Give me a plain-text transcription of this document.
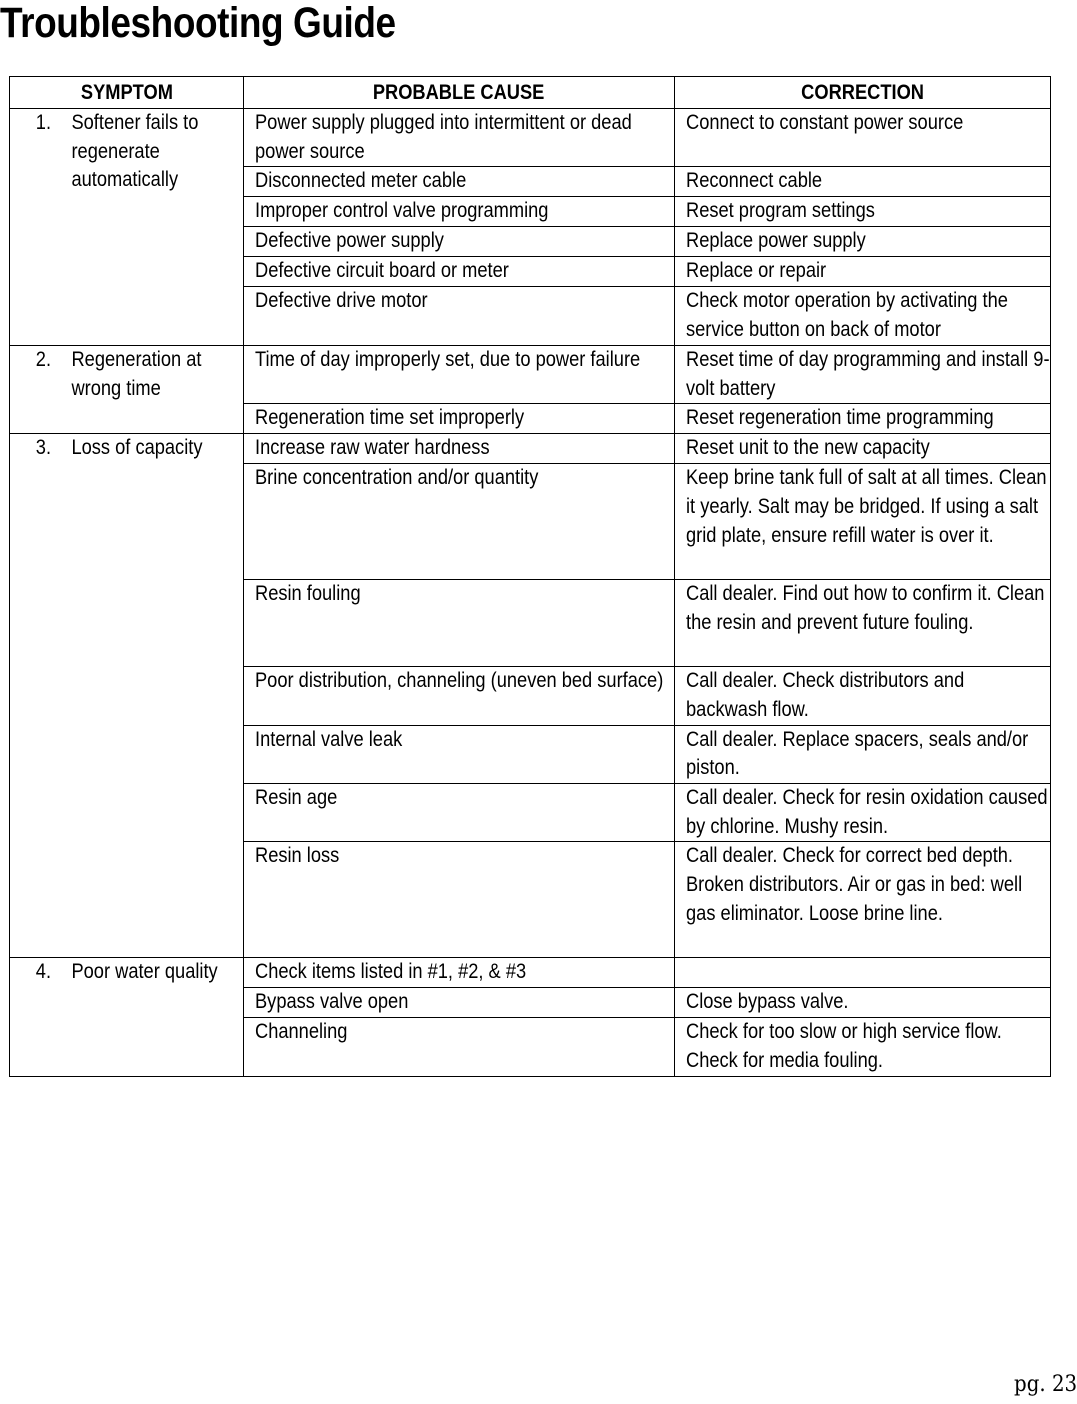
Troubleshooting Guide
SYMPTOM	PROBABLE CAUSE	CORRECTION

1. Softener fails to regenerate automatically	Power supply plugged into intermittent or dead power source	Connect to constant power source
	Disconnected meter cable	Reconnect cable
	Improper control valve programming	Reset program settings
	Defective power supply	Replace power supply
	Defective circuit board or meter	Replace or repair
	Defective drive motor	Check motor operation by activating the service button on back of motor

2. Regeneration at wrong time	Time of day improperly set, due to power failure	Reset time of day programming and install 9-volt battery
	Regeneration time set improperly	Reset regeneration time programming

3. Loss of capacity	Increase raw water hardness	Reset unit to the new capacity
	Brine concentration and/or quantity	Keep brine tank full of salt at all times. Clean it yearly. Salt may be bridged. If using a salt grid plate, ensure refill water is over it.
	Resin fouling	Call dealer. Find out how to confirm it. Clean the resin and prevent future fouling.
	Poor distribution, channeling (uneven bed surface)	Call dealer. Check distributors and backwash flow.
	Internal valve leak	Call dealer. Replace spacers, seals and/or piston.
	Resin age	Call dealer. Check for resin oxidation caused by chlorine. Mushy resin.
	Resin loss	Call dealer. Check for correct bed depth. Broken distributors. Air or gas in bed: well gas eliminator. Loose brine line.

4. Poor water quality	Check items listed in #1, #2, & #3	
	Bypass valve open	Close bypass valve.
	Channeling	Check for too slow or high service flow. Check for media fouling.
pg. 23
